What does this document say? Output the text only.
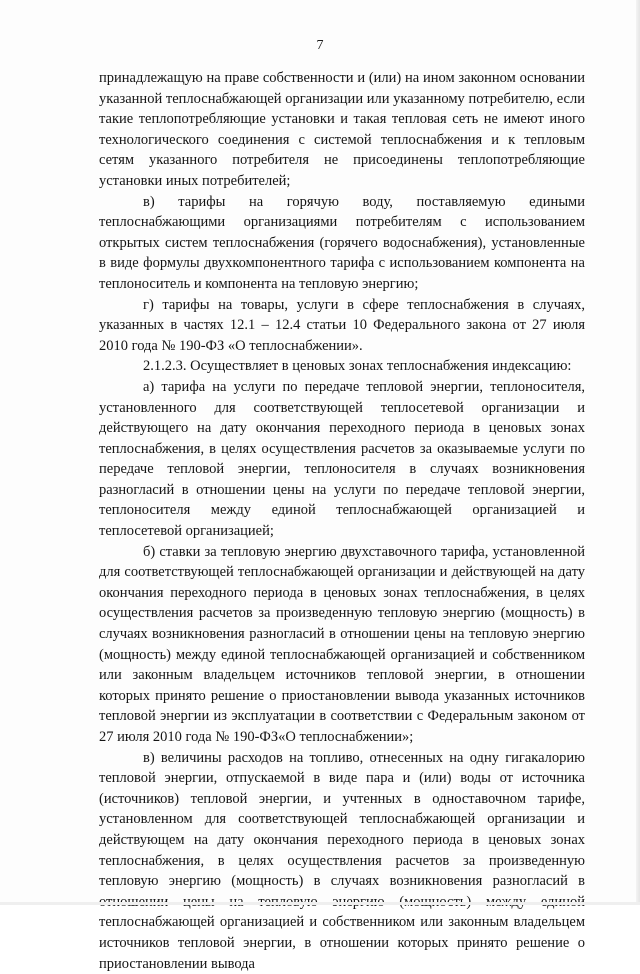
7

принадлежащую на праве собственности и (или) на ином законном основании указанной теплоснабжающей организации или указанному потребителю, если такие теплопотребляющие установки и такая тепловая сеть не имеют иного технологического соединения с системой теплоснабжения и к тепловым сетям указанного потребителя не присоединены теплопотребляющие установки иных потребителей;

в) тарифы на горячую воду, поставляемую едиными теплоснабжающими организациями потребителям с использованием открытых систем теплоснабжения (горячего водоснабжения), установленные в виде формулы двухкомпонентного тарифа с использованием компонента на теплоноситель и компонента на тепловую энергию;

г) тарифы на товары, услуги в сфере теплоснабжения в случаях, указанных в частях 12.1 – 12.4 статьи 10 Федерального закона от 27 июля 2010 года № 190-ФЗ «О теплоснабжении».

2.1.2.3. Осуществляет в ценовых зонах теплоснабжения индексацию:

а) тарифа на услуги по передаче тепловой энергии, теплоносителя, установленного для соответствующей теплосетевой организации и действующего на дату окончания переходного периода в ценовых зонах теплоснабжения, в целях осуществления расчетов за оказываемые услуги по передаче тепловой энергии, теплоносителя в случаях возникновения разногласий в отношении цены на услуги по передаче тепловой энергии, теплоносителя между единой теплоснабжающей организацией и теплосетевой организацией;

б) ставки за тепловую энергию двухставочного тарифа, установленной для соответствующей теплоснабжающей организации и действующей на дату окончания переходного периода в ценовых зонах теплоснабжения, в целях осуществления расчетов за произведенную тепловую энергию (мощность) в случаях возникновения разногласий в отношении цены на тепловую энергию (мощность) между единой теплоснабжающей организацией и собственником или законным владельцем источников тепловой энергии, в отношении которых принято решение о приостановлении вывода указанных источников тепловой энергии из эксплуатации в соответствии с Федеральным законом от 27 июля 2010 года № 190-ФЗ«О теплоснабжении»;

в) величины расходов на топливо, отнесенных на одну гигакалорию тепловой энергии, отпускаемой в виде пара и (или) воды от источника (источников) тепловой энергии, и учтенных в одноставочном тарифе, установленном для соответствующей теплоснабжающей организации и действующем на дату окончания переходного периода в ценовых зонах теплоснабжения, в целях осуществления расчетов за произведенную тепловую энергию (мощность) в случаях возникновения разногласий в теплоснабжающей организацией и собственником или законным владельцем источников тепловой энергии, в отношении которых принято решение о приостановлении вывода
